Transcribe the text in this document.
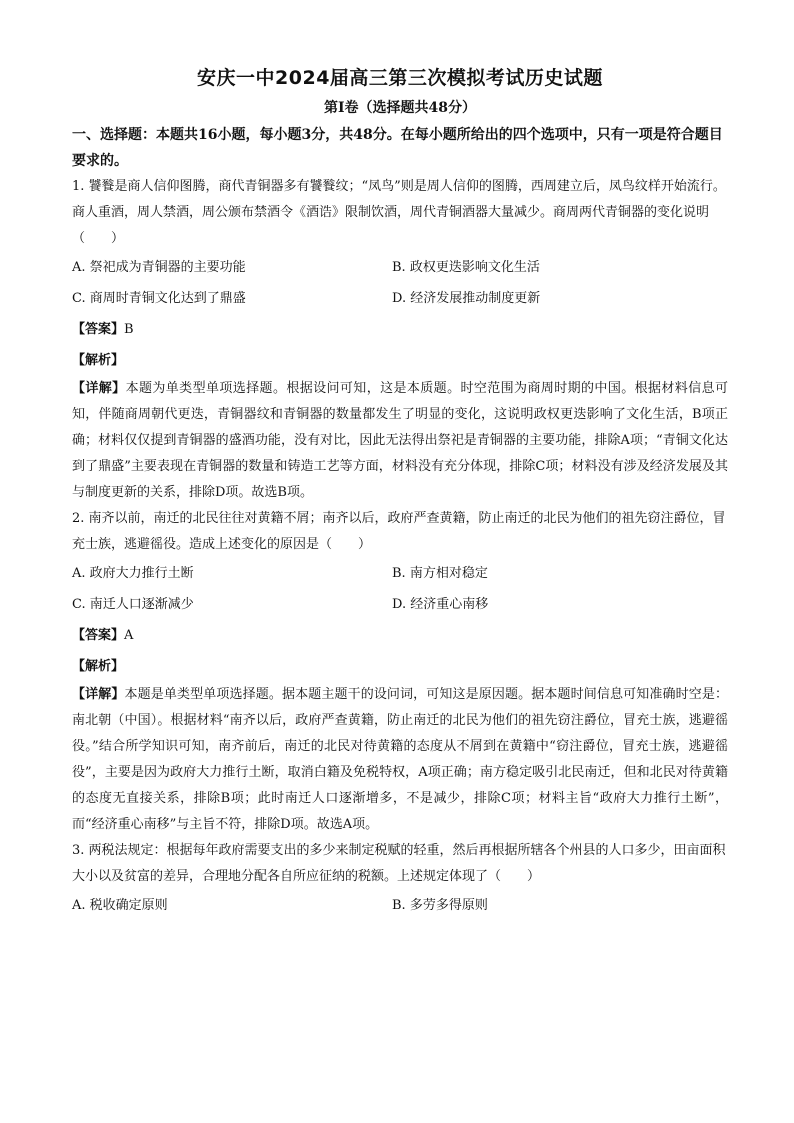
安庆一中2024届高三第三次模拟考试历史试题
第Ⅰ卷（选择题共48分）

一、选择题：本题共16小题，每小题3分，共48分。在每小题所给出的四个选项中，只有一项是符合题目要求的。

1. 饕餮是商人信仰图腾，商代青铜器多有饕餮纹；“凤鸟”则是周人信仰的图腾，西周建立后，凤鸟纹样开始流行。商人重酒，周人禁酒，周公颁布禁酒令《酒诰》限制饮酒，周代青铜酒器大量减少。商周两代青铜器的变化说明（　　）

A. 祭祀成为青铜器的主要功能	B. 政权更迭影响文化生活
C. 商周时青铜文化达到了鼎盛	D. 经济发展推动制度更新
【答案】B
【解析】

【详解】本题为单类型单项选择题。根据设问可知，这是本质题。时空范围为商周时期的中国。根据材料信息可知，伴随商周朝代更迭，青铜器纹和青铜器的数量都发生了明显的变化，这说明政权更迭影响了文化生活，B项正确；材料仅仅提到青铜器的盛酒功能，没有对比，因此无法得出祭祀是青铜器的主要功能，排除A项；“青铜文化达到了鼎盛”主要表现在青铜器的数量和铸造工艺等方面，材料没有充分体现，排除C项；材料没有涉及经济发展及其与制度更新的关系，排除D项。故选B项。

2. 南齐以前，南迁的北民往往对黄籍不屑；南齐以后，政府严查黄籍，防止南迁的北民为他们的祖先窃注爵位，冒充士族，逃避徭役。造成上述变化的原因是（　　）

A. 政府大力推行土断	B. 南方相对稳定
C. 南迁人口逐渐减少	D. 经济重心南移
【答案】A
【解析】

【详解】本题是单类型单项选择题。据本题主题干的设问词，可知这是原因题。据本题时间信息可知准确时空是：南北朝（中国）。根据材料“南齐以后，政府严查黄籍，防止南迁的北民为他们的祖先窃注爵位，冒充士族，逃避徭役。”结合所学知识可知，南齐前后，南迁的北民对待黄籍的态度从不屑到在黄籍中“窃注爵位，冒充士族，逃避徭役”，主要是因为政府大力推行土断，取消白籍及免税特权，A项正确；南方稳定吸引北民南迁，但和北民对待黄籍的态度无直接关系，排除B项；此时南迁人口逐渐增多，不是减少，排除C项；材料主旨“政府大力推行土断”，而“经济重心南移”与主旨不符，排除D项。故选A项。

3. 两税法规定：根据每年政府需要支出的多少来制定税赋的轻重，然后再根据所辖各个州县的人口多少，田亩面积大小以及贫富的差异，合理地分配各自所应征纳的税额。上述规定体现了（　　）

A. 税收确定原则	B. 多劳多得原则
